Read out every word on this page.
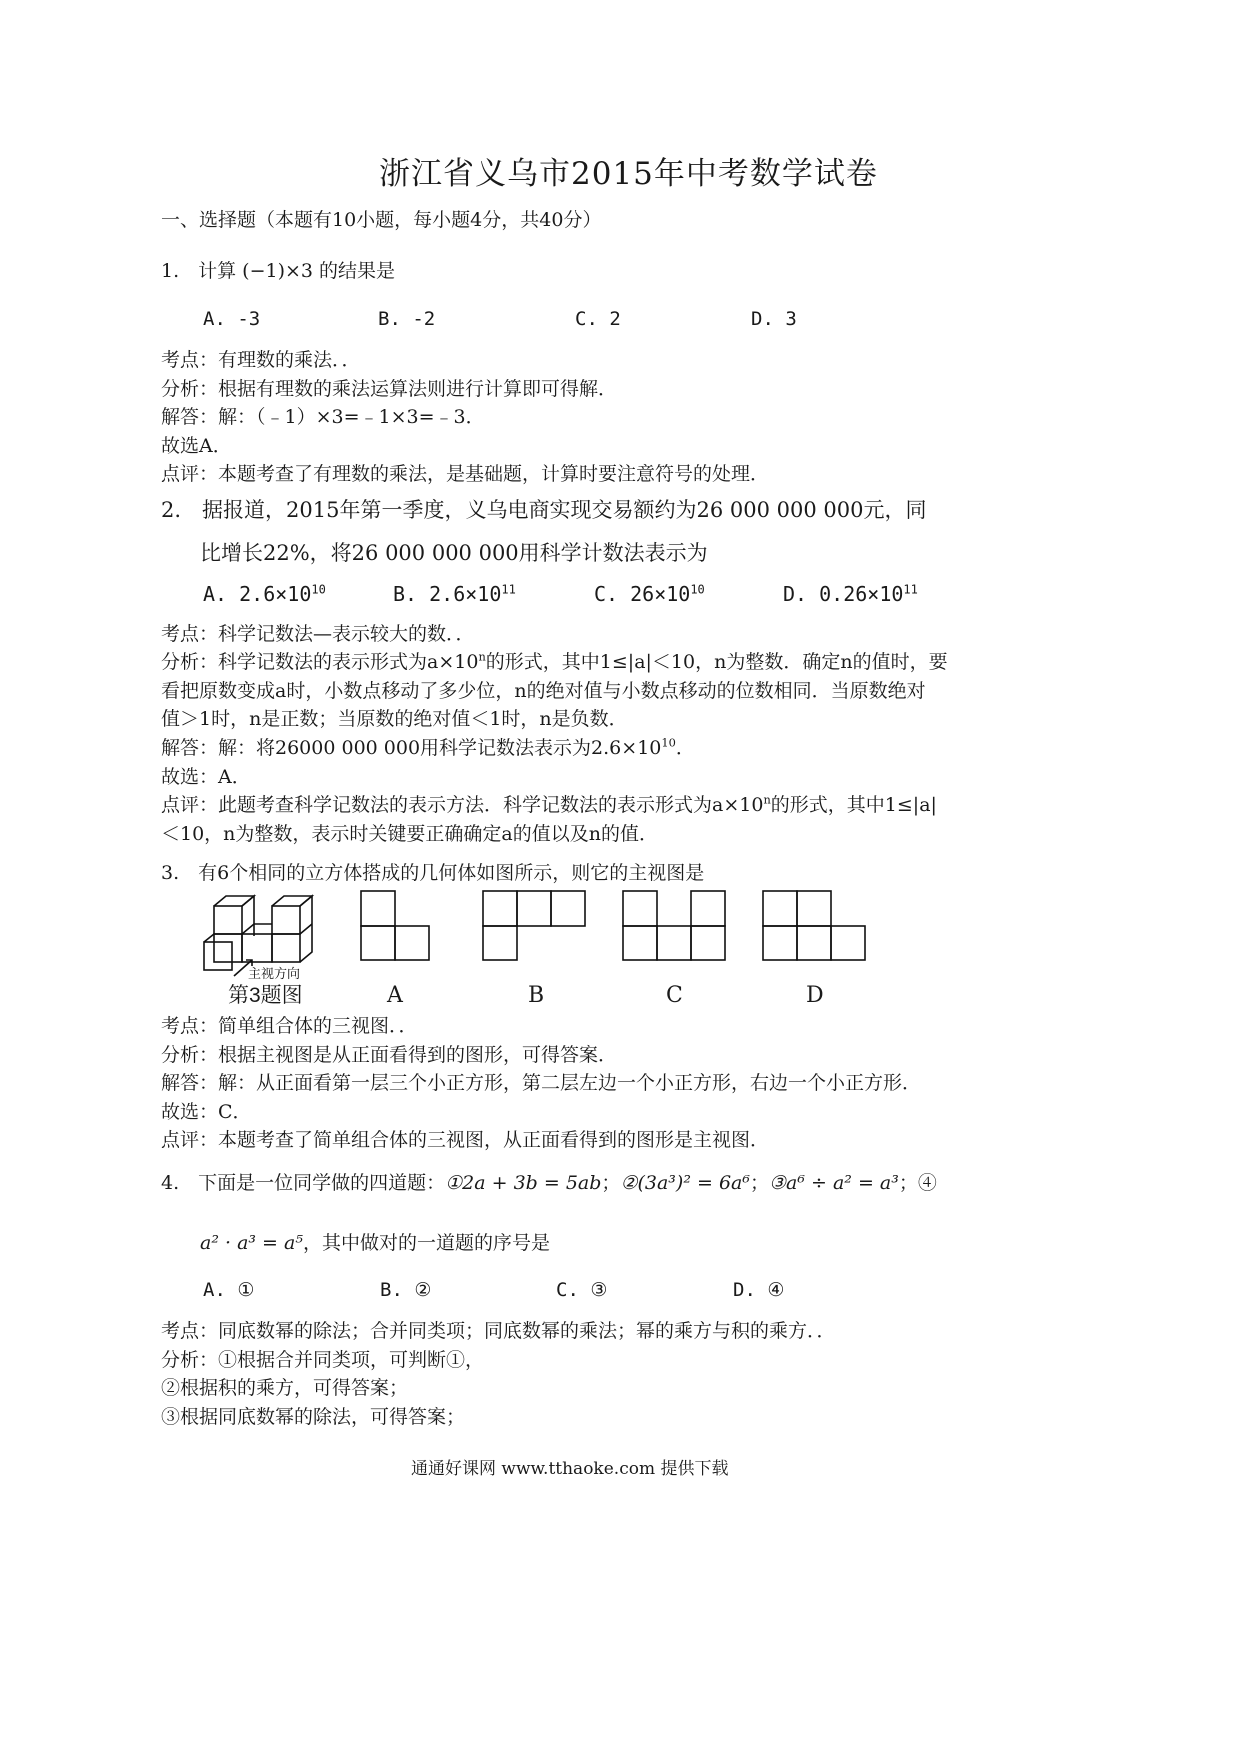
浙江省义乌市2015年中考数学试卷
一、选择题（本题有10小题，每小题4分，共40分）
1.　计算 (−1)×3 的结果是
A. -3	B. -2	C. 2	D. 3
考点：有理数的乘法．．
分析：根据有理数的乘法运算法则进行计算即可得解．
解答：解：（﹣1）×3=﹣1×3=﹣3．
故选A．
点评：本题考查了有理数的乘法，是基础题，计算时要注意符号的处理．
2.　据报道，2015年第一季度，义乌电商实现交易额约为26 000 000 000元，同
比增长22%，将26 000 000 000用科学计数法表示为
A. $2.6\times 10^{10}$	B. $2.6\times 10^{11}$	C. $26\times 10^{10}$	D. $0.26\times 10^{11}$
考点：科学记数法—表示较大的数．．
分析：科学记数法的表示形式为$a\times 10^n$的形式，其中1≤|a|＜10，n为整数．确定n的值时，要
看把原数变成a时，小数点移动了多少位，n的绝对值与小数点移动的位数相同．当原数绝对
值＞1时，n是正数；当原数的绝对值＜1时，n是负数．
解答：解：将26000 000 000用科学记数法表示为$2.6\times 10^{10}$．
故选：A．
点评：此题考查科学记数法的表示方法．科学记数法的表示形式为$a\times 10^n$的形式，其中1≤|a|
＜10，n为整数，表示时关键要正确确定a的值以及n的值．
3.　有6个相同的立方体搭成的几何体如图所示，则它的主视图是
主视方向
第3题图	A	B	C	D
考点：简单组合体的三视图．．
分析：根据主视图是从正面看得到的图形，可得答案．
解答：解：从正面看第一层三个小正方形，第二层左边一个小正方形，右边一个小正方形．
故选：C．
点评：本题考查了简单组合体的三视图，从正面看得到的图形是主视图．
4.　下面是一位同学做的四道题：①2a + 3b = 5ab；②(3a³)² = 6a⁶；③a⁶ ÷ a² = a³；④
a² · a³ = a⁵，其中做对的一道题的序号是
A. ①	B. ②	C. ③	D. ④
考点：同底数幂的除法；合并同类项；同底数幂的乘法；幂的乘方与积的乘方．．
分析：①根据合并同类项，可判断①，
②根据积的乘方，可得答案；
③根据同底数幂的除法，可得答案；
通通好课网 www.tthaoke.com 提供下载
